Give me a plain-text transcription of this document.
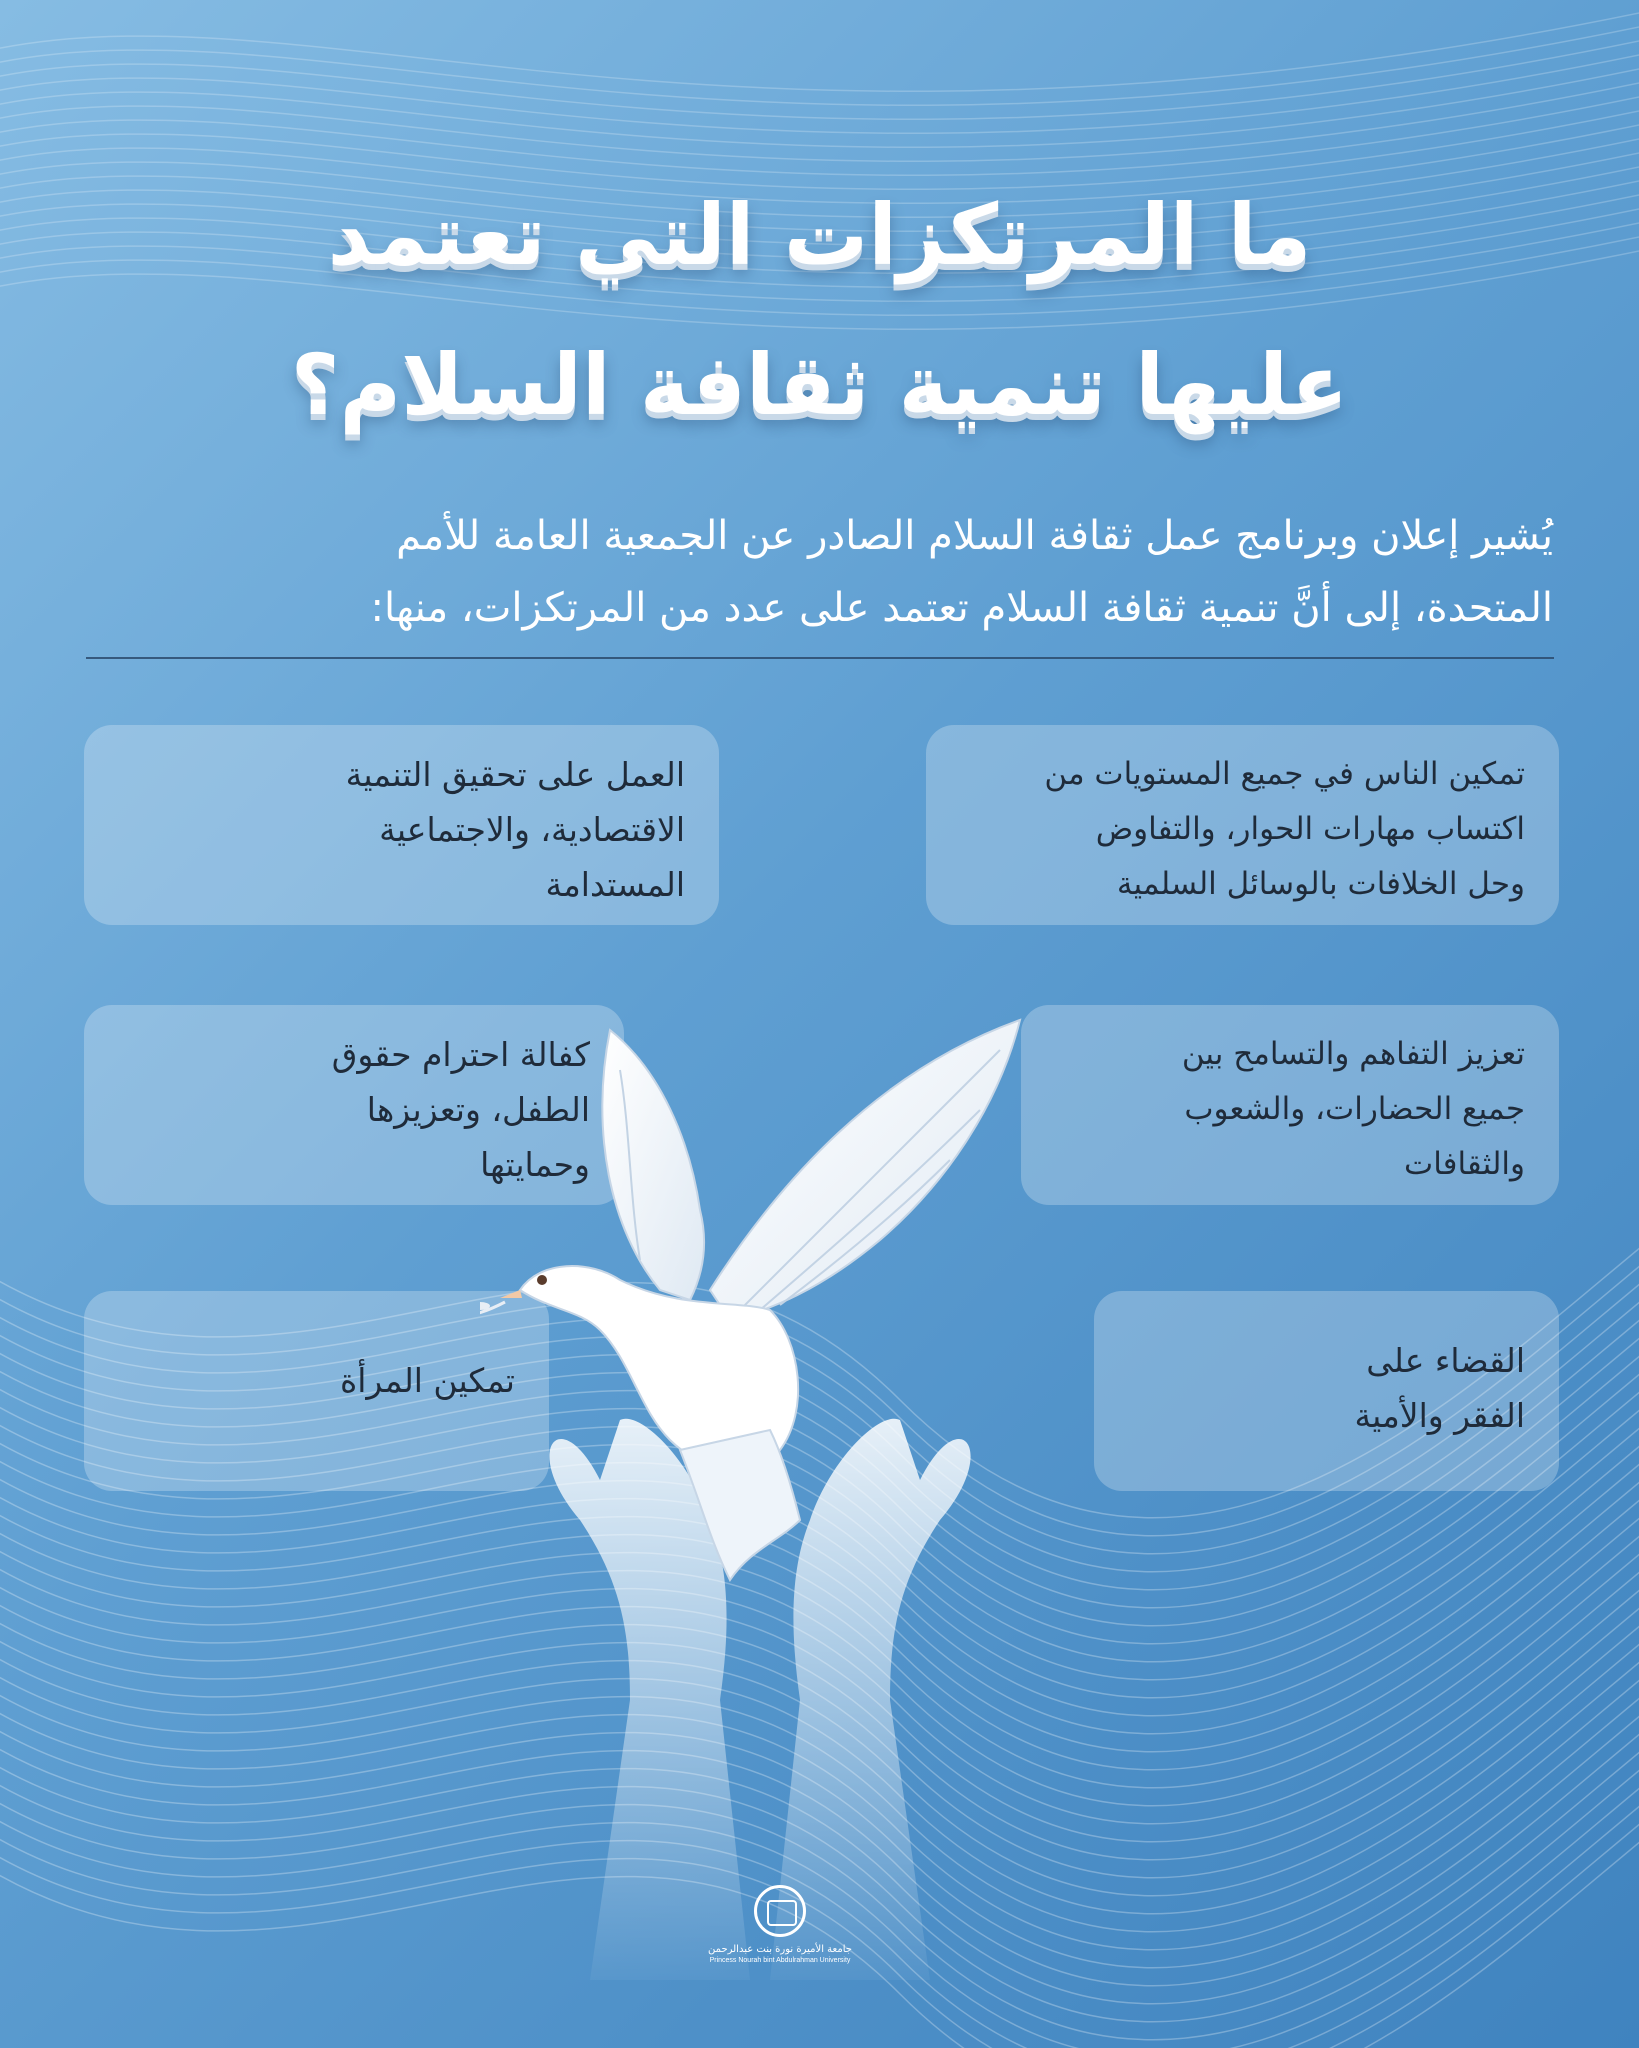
ما المرتكزات التي تعتمد
عليها تنمية ثقافة السلام؟
يُشير إعلان وبرنامج عمل ثقافة السلام الصادر عن الجمعية العامة للأمم
المتحدة، إلى أنَّ تنمية ثقافة السلام تعتمد على عدد من المرتكزات، منها:
تمكين الناس في جميع المستويات من
اكتساب مهارات الحوار، والتفاوض
وحل الخلافات بالوسائل السلمية
تعزيز التفاهم والتسامح بين
جميع الحضارات، والشعوب
والثقافات
القضاء على
الفقر والأمية
العمل على تحقيق التنمية
الاقتصادية، والاجتماعية
المستدامة
كفالة احترام حقوق
الطفل، وتعزيزها
وحمايتها
تمكين المرأة
جامعة الأميرة نورة بنت عبدالرحمن
Princess Nourah bint Abdulrahman University
